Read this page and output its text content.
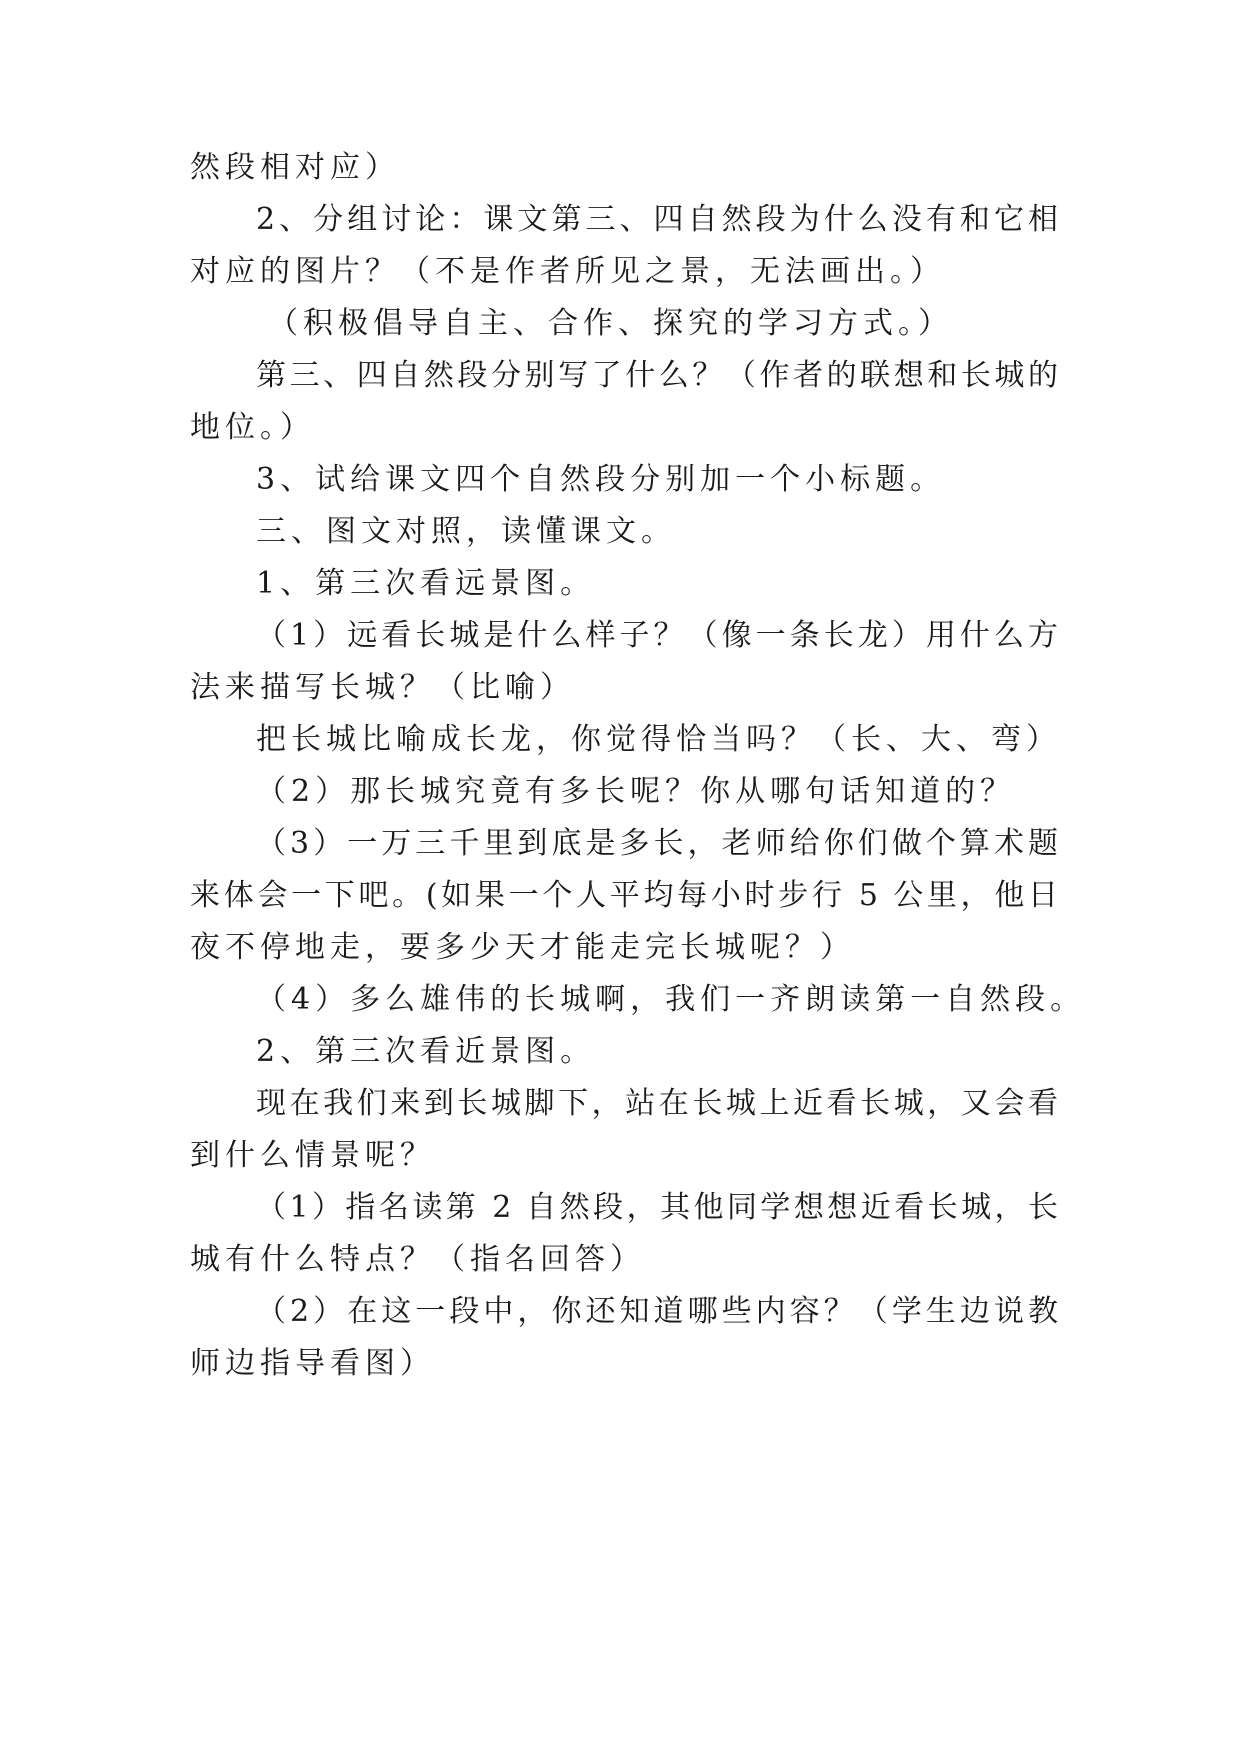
然段相对应）
2、分组讨论：课文第三、四自然段为什么没有和它相
对应的图片？（不是作者所见之景，无法画出。）
（积极倡导自主、合作、探究的学习方式。）
第三、四自然段分别写了什么？（作者的联想和长城的
地位。）
3、试给课文四个自然段分别加一个小标题。
三、图文对照，读懂课文。
1、第三次看远景图。
（1）远看长城是什么样子？（像一条长龙）用什么方
法来描写长城？（比喻）
把长城比喻成长龙，你觉得恰当吗？（长、大、弯）
（2）那长城究竟有多长呢？你从哪句话知道的？
（3）一万三千里到底是多长，老师给你们做个算术题
来体会一下吧。(如果一个人平均每小时步行 5 公里，他日
夜不停地走，要多少天才能走完长城呢？）
（4）多么雄伟的长城啊，我们一齐朗读第一自然段。
2、第三次看近景图。
现在我们来到长城脚下，站在长城上近看长城，又会看
到什么情景呢？
（1）指名读第 2 自然段，其他同学想想近看长城，长
城有什么特点？（指名回答）
（2）在这一段中，你还知道哪些内容？（学生边说教
师边指导看图）
